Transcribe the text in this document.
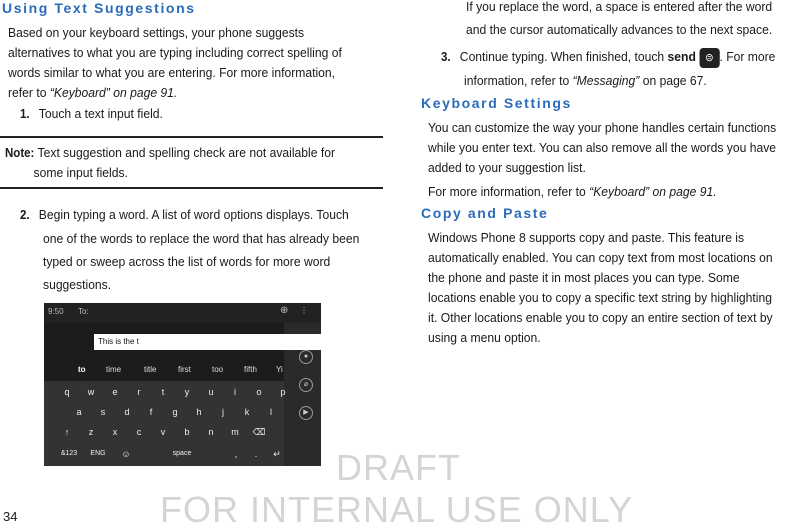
Using Text Suggestions
Based on your keyboard settings, your phone suggests
alternatives to what you are typing including correct spelling of
words similar to what you are entering. For more information,
refer to “Keyboard” on page 91.
1. Touch a text input field.
Note: Text suggestion and spelling check are not available for
some input fields.
2. Begin typing a word. A list of word options displays. Touch
one of the words to replace the word that has already been
typed or sweep across the list of words for more word
suggestions.
9:50 To:	⊕ ⋮
This is the t
to	time	title	first	too	fifth Yi
q	w	e	r	t	y	u	i	o	p
a	s	d	f	g	h	j	k	l
↑	z	x	c	v	b	n	m	⌫
&123	ENG	☺	space	,	.	↵
●
⌀
▶
If you replace the word, a space is entered after the word
and the cursor automatically advances to the next space.
3. Continue typing. When finished, touch send ⊜ . For more
information, refer to “Messaging” on page 67.
Keyboard Settings
You can customize the way your phone handles certain functions
while you enter text. You can also remove all the words you have
added to your suggestion list.
For more information, refer to “Keyboard” on page 91.
Copy and Paste
Windows Phone 8 supports copy and paste. This feature is
automatically enabled. You can copy text from most locations on
the phone and paste it in most places you can type. Some
locations enable you to copy a specific text string by highlighting
it. Other locations enable you to copy an entire section of text by
using a menu option.
34
DRAFT
FOR INTERNAL USE ONLY
